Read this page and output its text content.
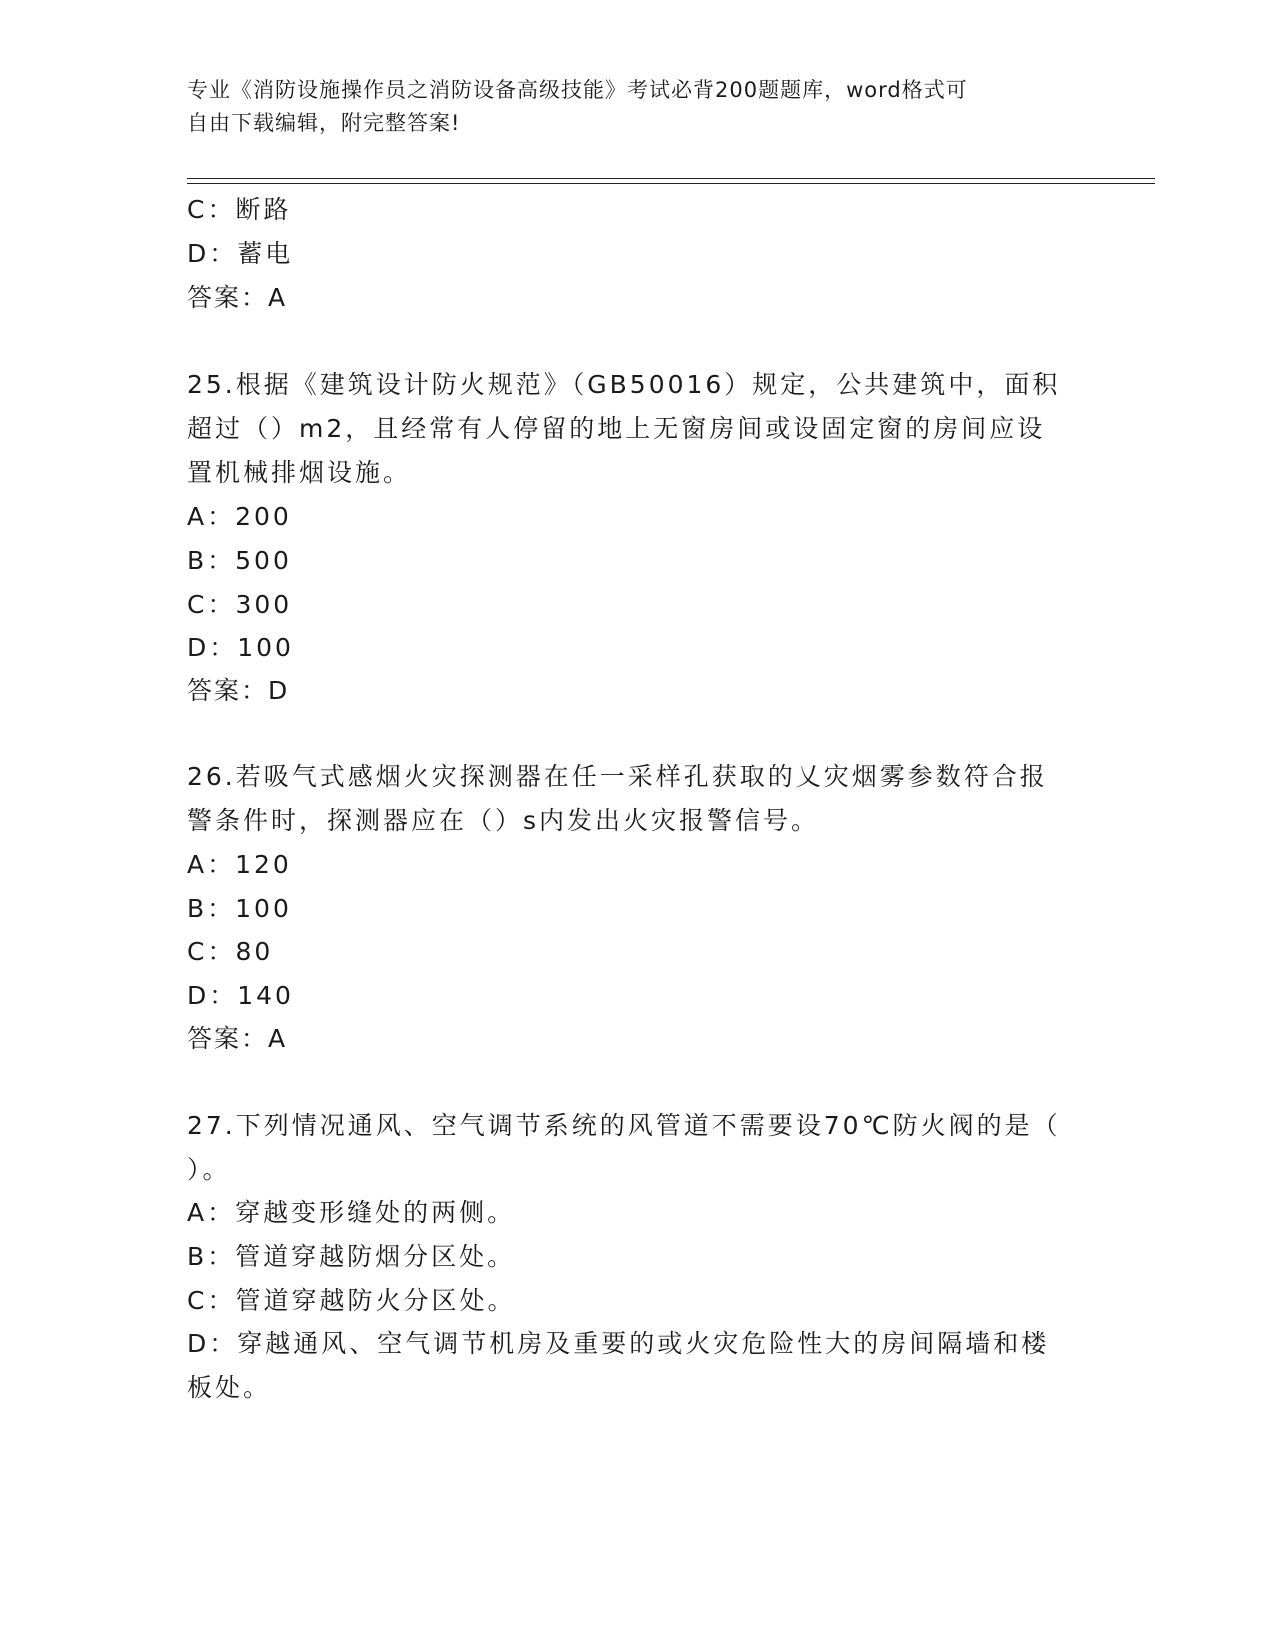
专业《消防设施操作员之消防设备高级技能》考试必背200题题库，word格式可
自由下载编辑，附完整答案!
C：断路
D：蓄电
答案：A
25.根据《建筑设计防火规范》（GB50016）规定，公共建筑中，面积
超过（）m2，且经常有人停留的地上无窗房间或设固定窗的房间应设
置机械排烟设施。
A：200
B：500
C：300
D：100
答案：D
26.若吸气式感烟火灾探测器在任一采样孔获取的乂灾烟雾参数符合报
警条件时，探测器应在（）s内发出火灾报警信号。
A：120
B：100
C：80
D：140
答案：A
27.下列情况通风、空气调节系统的风管道不需要设70℃防火阀的是（
）。
A：穿越变形缝处的两侧。
B：管道穿越防烟分区处。
C：管道穿越防火分区处。
D：穿越通风、空气调节机房及重要的或火灾危险性大的房间隔墙和楼
板处。
